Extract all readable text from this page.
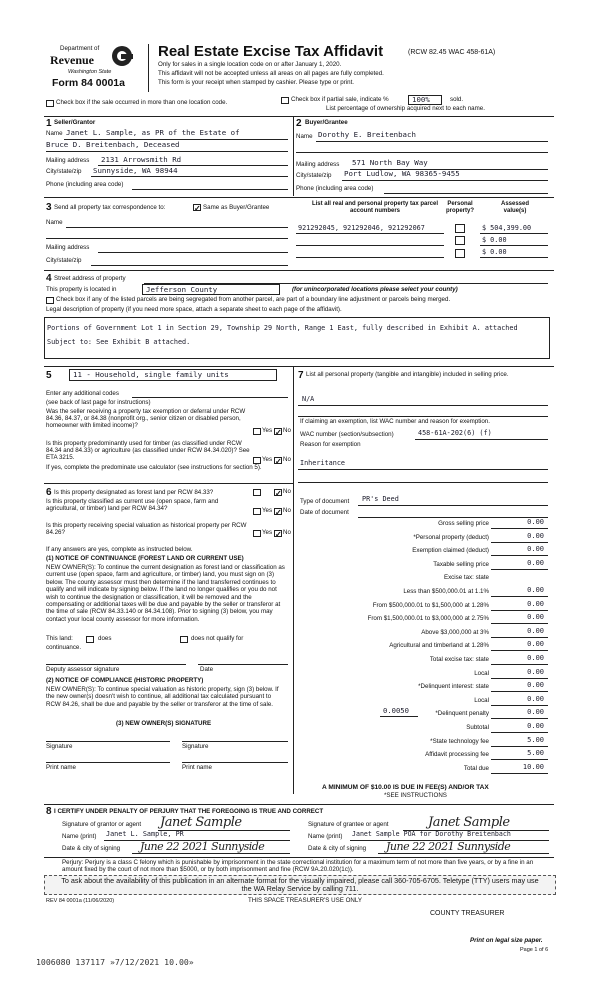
Department of
Revenue
Washington State
Form 84 0001a
Real Estate Excise Tax Affidavit	(RCW 82.45 WAC 458-61A)
Only for sales in a single location code on or after January 1, 2020.
This affidavit will not be accepted unless all areas on all pages are fully completed.
This form is your receipt when stamped by cashier. Please type or print.
Check box if the sale occurred in more than one location code.	Check box if partial sale, indicate %	100%	sold.
List percentage of ownership acquired next to each name.
1 Seller/Grantor
Name Janet L. Sample, as PR of the Estate of
Bruce D. Breitenbach, Deceased
Mailing address 2131 Arrowsmith Rd
City/state/zip Sunnyside, WA 98944
Phone (including area code)
2 Buyer/Grantee
Name Dorothy E. Breitenbach
Mailing address 571 North Bay Way
City/state/zip Port Ludlow, WA 98365-9455
Phone (including area code)
3 Send all property tax correspondence to:	✓ Same as Buyer/Grantee
Name
Mailing address
City/state/zip
List all real and personal property tax parcel account numbers
Personal property?
Assessed value(s)
921292045, 921292046, 921292067	$ 504,399.00
$ 0.00
$ 0.00
4 Street address of property
This property is located in	Jefferson County	(for unincorporated locations please select your county)
Check box if any of the listed parcels are being segregated from another parcel, are part of a boundary line adjustment or parcels being merged.
Legal description of property (if you need more space, attach a separate sheet to each page of the affidavit).
Portions of Government Lot 1 in Section 29, Township 29 North, Range 1 East, fully described in Exhibit A. attached Subject to: See Exhibit B attached.
5	11 - Household, single family units
Enter any additional codes
(see back of last page for instructions)
Was the seller receiving a property tax exemption or deferral under RCW 84.36, 84.37, or 84.38 (nonprofit org., senior citizen or disabled person, homeowner with limited income)?
Yes ✓ No
Is this property predominantly used for timber (as classified under RCW 84.34 and 84.33) or agriculture (as classified under RCW 84.34.020)? See ETA 3215.	Yes ✓ No
If yes, complete the predominate use calculator (see instructions for section 5).
6 Is this property designated as forest land per RCW 84.33?	✓ No
Is this property classified as current use (open space, farm and agricultural, or timber) land per RCW 84.34?	Yes ✓ No
Is this property receiving special valuation as historical property per RCW 84.26?	Yes ✓ No
If any answers are yes, complete as instructed below.
(1) NOTICE OF CONTINUANCE (FOREST LAND OR CURRENT USE)
NEW OWNER(S): To continue the current designation as forest land or classification as current use (open space, farm and agriculture, or timber) land, you must sign on (3) below. The county assessor must then determine if the land transferred continues to qualify and will indicate by signing below. If the land no longer qualifies or you do not wish to continue the designation or classification, it will be removed and the compensating or additional taxes will be due and payable by the seller or transferor at the time of sale (RCW 84.33.140 or 84.34.108). Prior to signing (3) below, you may contact your local county assessor for more information.
This land:	does	does not qualify for
continuance.
Deputy assessor signature	Date
(2) NOTICE OF COMPLIANCE (HISTORIC PROPERTY)
NEW OWNER(S): To continue special valuation as historic property, sign (3) below. If the new owner(s) doesn't wish to continue, all additional tax calculated pursuant to RCW 84.26, shall be due and payable by the seller or transferor at the time of sale.
(3) NEW OWNER(S) SIGNATURE
Signature	Signature
Print name	Print name
7 List all personal property (tangible and intangible) included in selling price.
N/A
If claiming an exemption, list WAC number and reason for exemption.
WAC number (section/subsection)	458-61A-202(6) (f)
Reason for exemption
Inheritance
Type of document PR's Deed
Date of document
Gross selling price	0.00
*Personal property (deduct)	0.00
Exemption claimed (deduct)	0.00
Taxable selling price	0.00
Excise tax: state
Less than $500,000.01 at 1.1%	0.00
From $500,000.01 to $1,500,000 at 1.28%	0.00
From $1,500,000.01 to $3,000,000 at 2.75%	0.00
Above $3,000,000 at 3%	0.00
Agricultural and timberland at 1.28%	0.00
Total excise tax: state	0.00
Local	0.00
*Delinquent interest: state	0.00
Local	0.00
*Delinquent penalty	0.00
Subtotal	0.00
*State technology fee	5.00
Affidavit processing fee	5.00
Total due	10.00
0.0050
A MINIMUM OF $10.00 IS DUE IN FEE(S) AND/OR TAX
*SEE INSTRUCTIONS
8 I CERTIFY UNDER PENALTY OF PERJURY THAT THE FOREGOING IS TRUE AND CORRECT
Signature of grantor or agent Janet Sample	Signature of grantee or agent	Janet Sample
Name (print) Janet L. Sample, PR	Name (print) Janet Sample POA for Dorothy Breitenbach
Date & city of signing June 22 2021 Sunnyside	Date & city of signing June 22 2021 Sunnyside
Perjury: Perjury is a class C felony which is punishable by imprisonment in the state correctional institution for a maximum term of not more than five years, or by a fine in an amount fixed by the court of not more than $5000, or by both imprisonment and fine (RCW 9A.20.020(1c)).
To ask about the availability of this publication in an alternate format for the visually impaired, please call 360-705-6705. Teletype (TTY) users may use the WA Relay Service by calling 711.
REV 84 0001a (11/06/2020)	THIS SPACE TREASURER'S USE ONLY
COUNTY TREASURER
Print on legal size paper.
Page 1 of 6
1006080 137117 »7/12/2021 10.00»
